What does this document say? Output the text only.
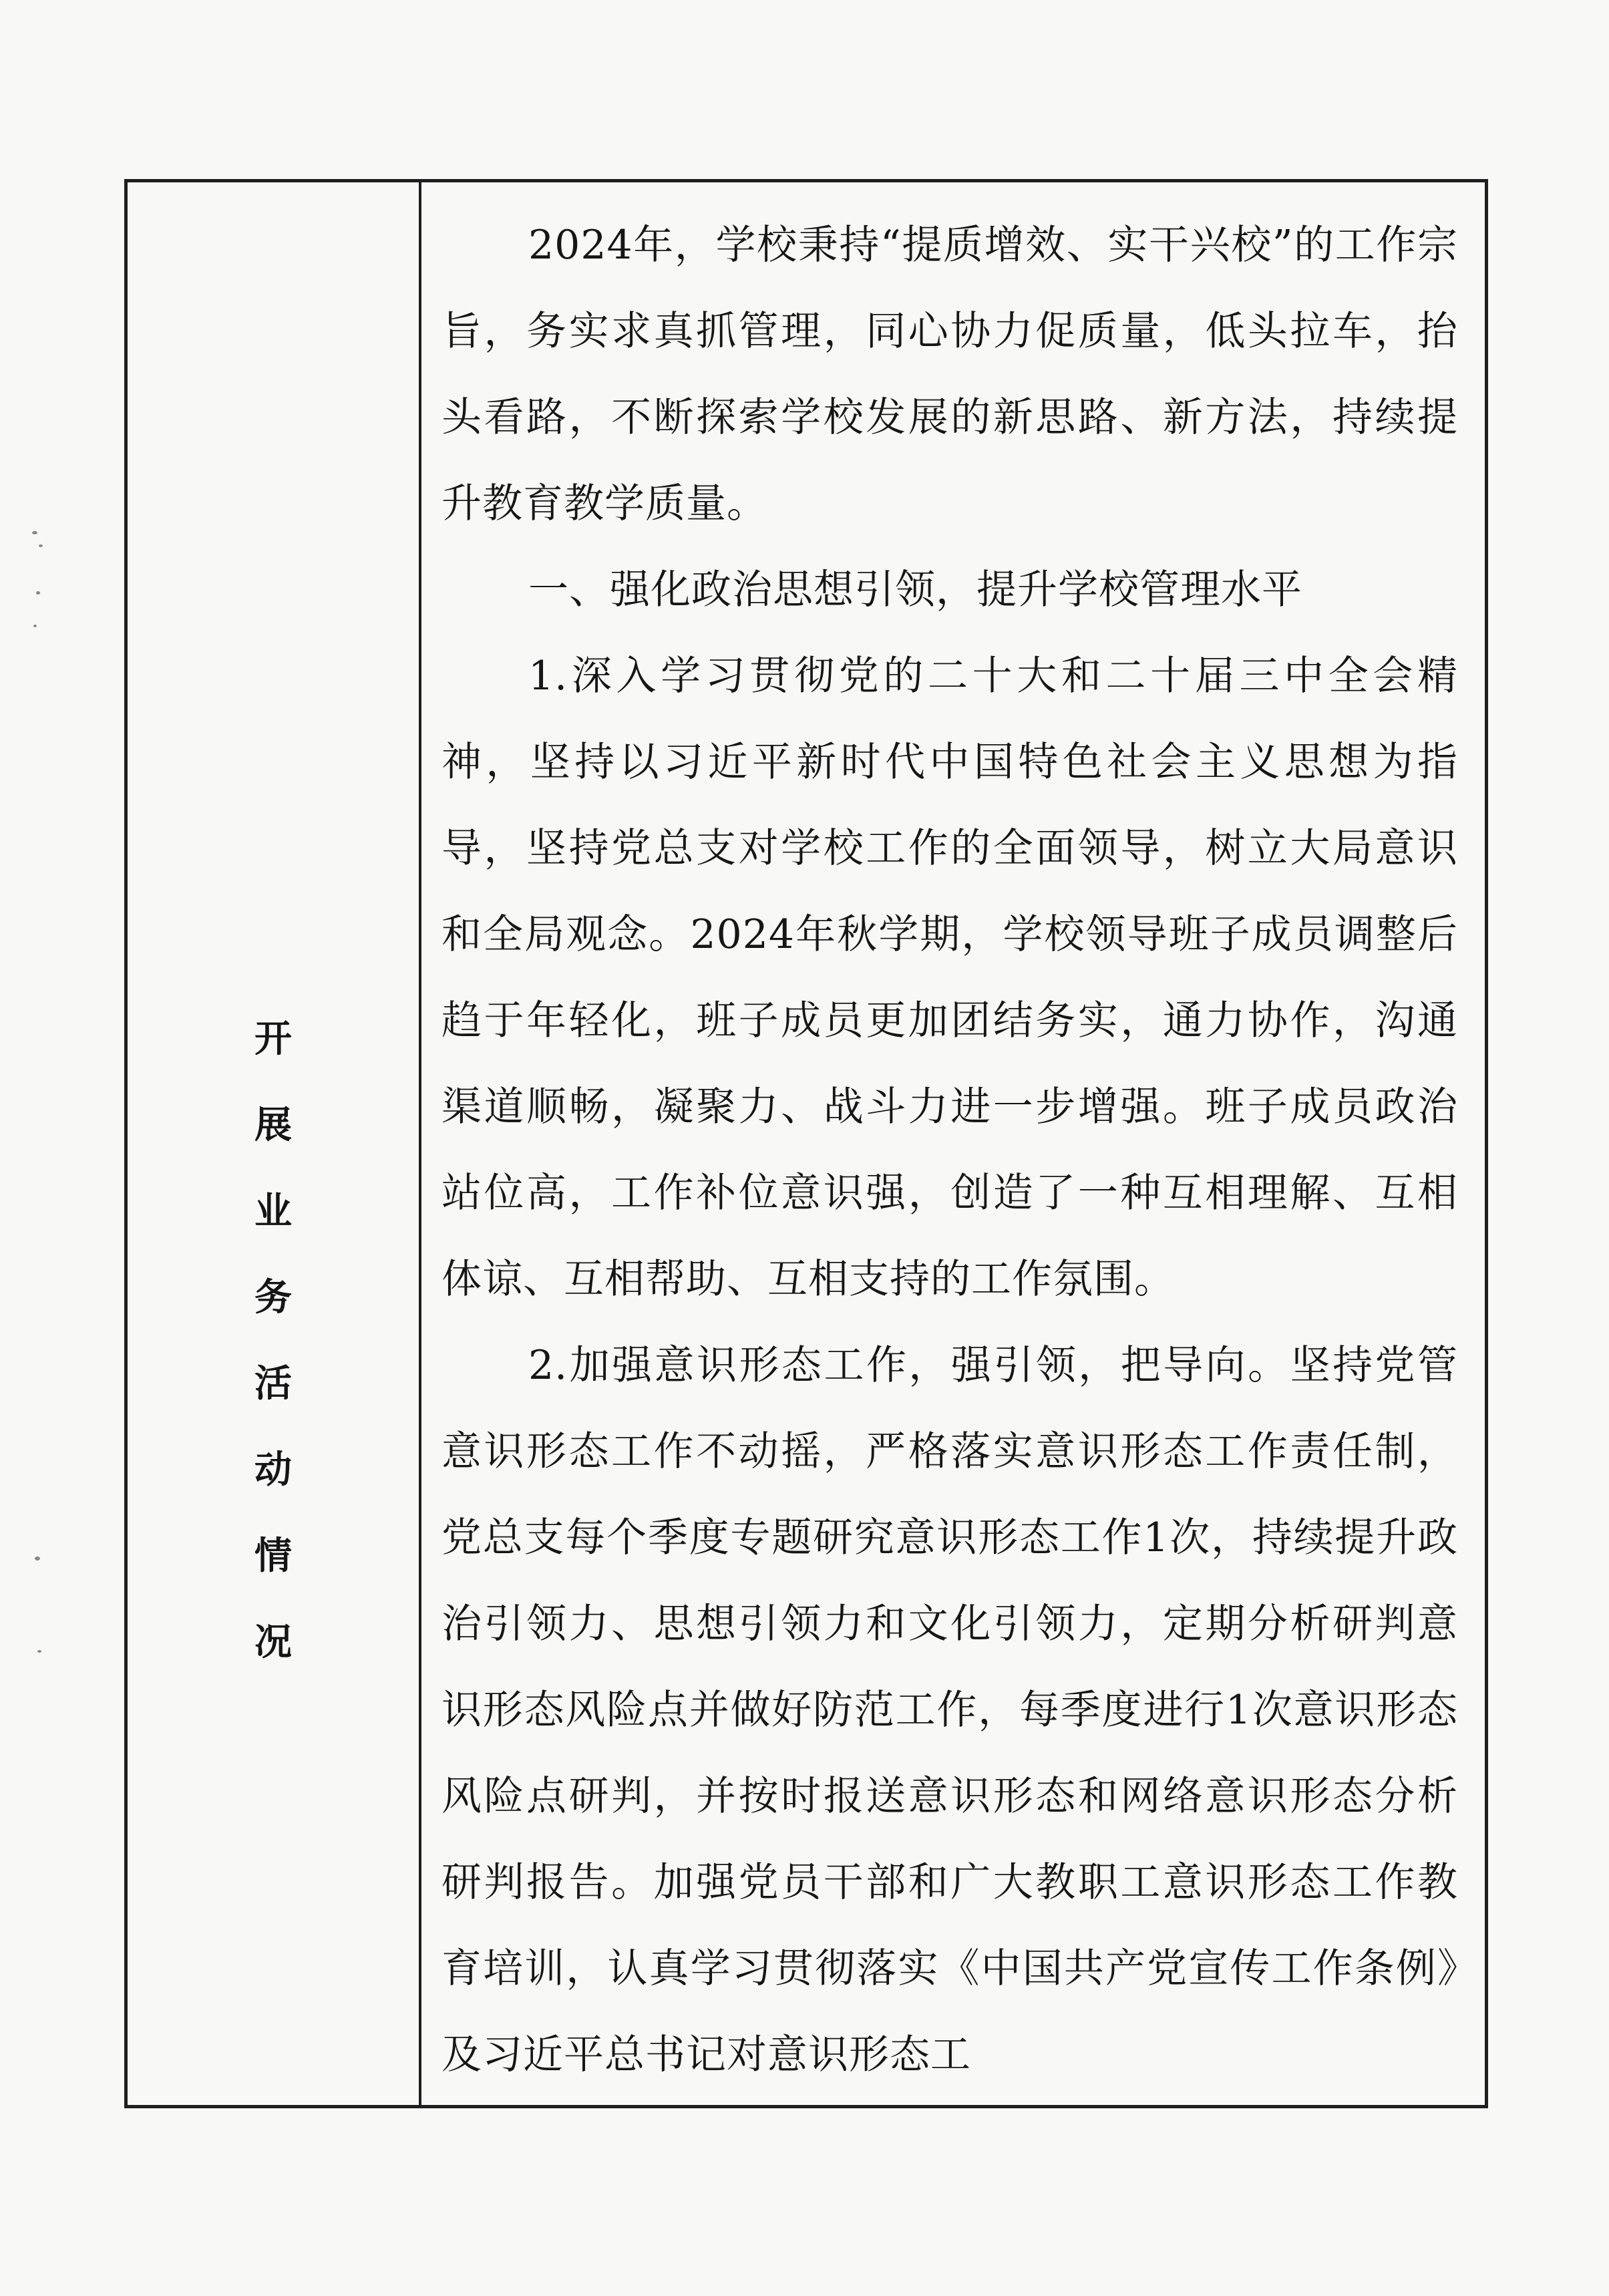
开
展
业
务
活
动
情
况

2024年，学校秉持“提质增效、实干兴校”的工作宗旨，务实求真抓管理，同心协力促质量，低头拉车，抬头看路，不断探索学校发展的新思路、新方法，持续提升教育教学质量。

一、强化政治思想引领，提升学校管理水平

1.深入学习贯彻党的二十大和二十届三中全会精神，坚持以习近平新时代中国特色社会主义思想为指导，坚持党总支对学校工作的全面领导，树立大局意识和全局观念。2024年秋学期，学校领导班子成员调整后趋于年轻化，班子成员更加团结务实，通力协作，沟通渠道顺畅，凝聚力、战斗力进一步增强。班子成员政治站位高，工作补位意识强，创造了一种互相理解、互相体谅、互相帮助、互相支持的工作氛围。

2.加强意识形态工作，强引领，把导向。坚持党管意识形态工作不动摇，严格落实意识形态工作责任制，党总支每个季度专题研究意识形态工作1次，持续提升政治引领力、思想引领力和文化引领力，定期分析研判意识形态风险点并做好防范工作，每季度进行1次意识形态风险点研判，并按时报送意识形态和网络意识形态分析研判报告。加强党员干部和广大教职工意识形态工作教育培训，认真学习贯彻落实《中国共产党宣传工作条例》及习近平总书记对意识形态工
